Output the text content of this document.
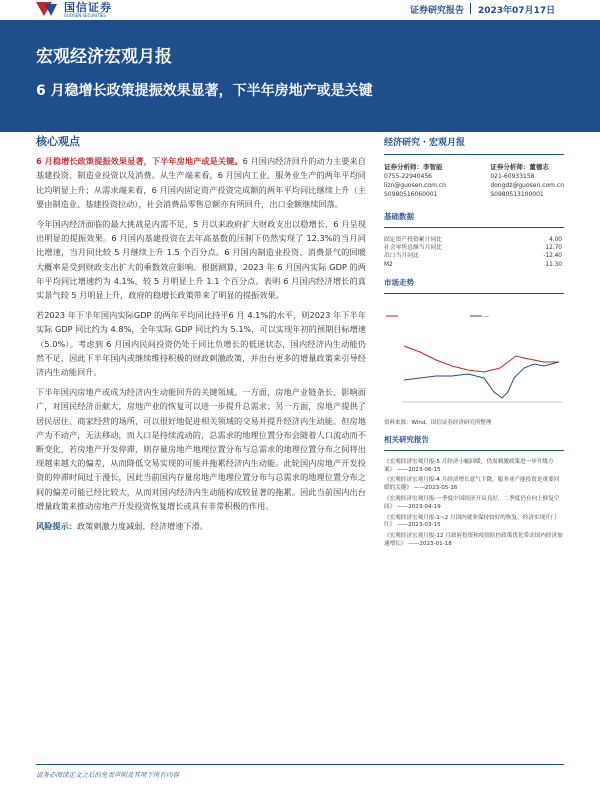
国信证券
GUOSEN SECURITIES	证券研究报告 2023年07月17日
宏观经济宏观月报
6 月稳增长政策提振效果显著，下半年房地产或是关键
核心观点

6 月稳增长政策提振效果显著，下半年房地产或是关键。6 月国内经济回升的动力主要来自基建投资、制造业投资以及消费。从生产端来看，6 月国内工业、服务业生产的两年平均同比均明显上升；从需求端来看，6 月国内固定资产投资完成额的两年平均同比继续上升（主要由制造业、基建投资拉动），社会消费品零售总额亦有所回升，出口金额继续回落。

今年国内经济面临的最大挑战是内需不足，5 月以来政府扩大财政支出以稳增长，6 月呈现出明显的提振效果。6 月国内基建投资在去年高基数的压制下仍然实现了 12.3%的当月同比增速，当月同比较 5 月继续上升 1.5 个百分点。6 月国内制造业投资、消费景气的回暖大概率是受到财政支出扩大的乘数效应影响。根据测算，2023 年 6 月国内实际 GDP 的两年平均同比增速约为 4.1%，较 5 月明显上升 1.1 个百分点。表明 6 月国内经济增长的真实景气较 5 月明显上升，政府的稳增长政策带来了明显的提振效果。

若2023 年下半年国内实际GDP 的两年平均同比持平6 月 4.1%的水平，则2023 年下半年实际 GDP 同比约为 4.8%，全年实际 GDP 同比约为 5.1%，可以实现年初的预期目标增速（5.0%）。考虑到 6 月国内民间投资仍处于同比负增长的低迷状态，国内经济内生动能仍然不足，因此下半年国内或继续维持积极的财政刺激政策，并出台更多的增量政策来引导经济内生动能回升。

下半年国内房地产或成为经济内生动能回升的关键领域。一方面，房地产业链条长、影响面广，对国民经济贡献大，房地产业的恢复可以进一步提升总需求；另一方面，房地产提供了居民居住、商家经营的场所，可以很好地促进相关领域的交易并提升经济内生动能。但房地产为不动产，无法移动，而人口是持续流动的，总需求的地理位置分布会随着人口流动而不断变化，若房地产开发停滞，则存量房地产地理位置分布与总需求的地理位置分布之间将出现越来越大的偏差，从而降低交易实现的可能并拖累经济内生动能。此轮国内房地产开发投资的停滞时间过于漫长，因此当前国内存量房地产地理位置分布与总需求的地理位置分布之间的偏差可能已经比较大，从而对国内经济内生动能构成较显著的拖累。因此当前国内出台增量政策来推动房地产开发投资恢复增长或具有非常积极的作用。

风险提示：政策刺激力度减弱，经济增速下滑。

经济研究・宏观月报
证券分析师：李智能
0755-22940456
lizn@guosen.com.cn
S0980516060001
证券分析师：董德志
021-60933158
dongdz@guosen.com.cn
S0980513100001
基础数据
固定资产投资累计同比	4.00
社会零售总额当月同比	12.70
出口当月同比	-12.40
M2	11.30
市场走势
—
资料来源：Wind、国信证券经济研究所整理
相关研究报告
《宏观经济宏观月报-5 月经济小幅回暖，仍需刺激政策进一步升级方案》 ——2023-06-15
《宏观经济宏观月报-4 月经济增长意气下降，服务业产能投资是重要回暖的关键》 ——2023-05-16
《宏观经济宏观月报-一季度中国经济开局良好，二季度仍有向上修复空间》 ——2023-04-19
《宏观经济宏观月报-1~2 月国内就业保持较好的恢复，经济实现开门红》 ——2023-03-15
《宏观经济宏观月报-12 月政府投资和疫情防控政策优化带动国内经济加速增长》 ——2023-01-18
请务必阅读正文之后的免责声明及其项下所有内容
